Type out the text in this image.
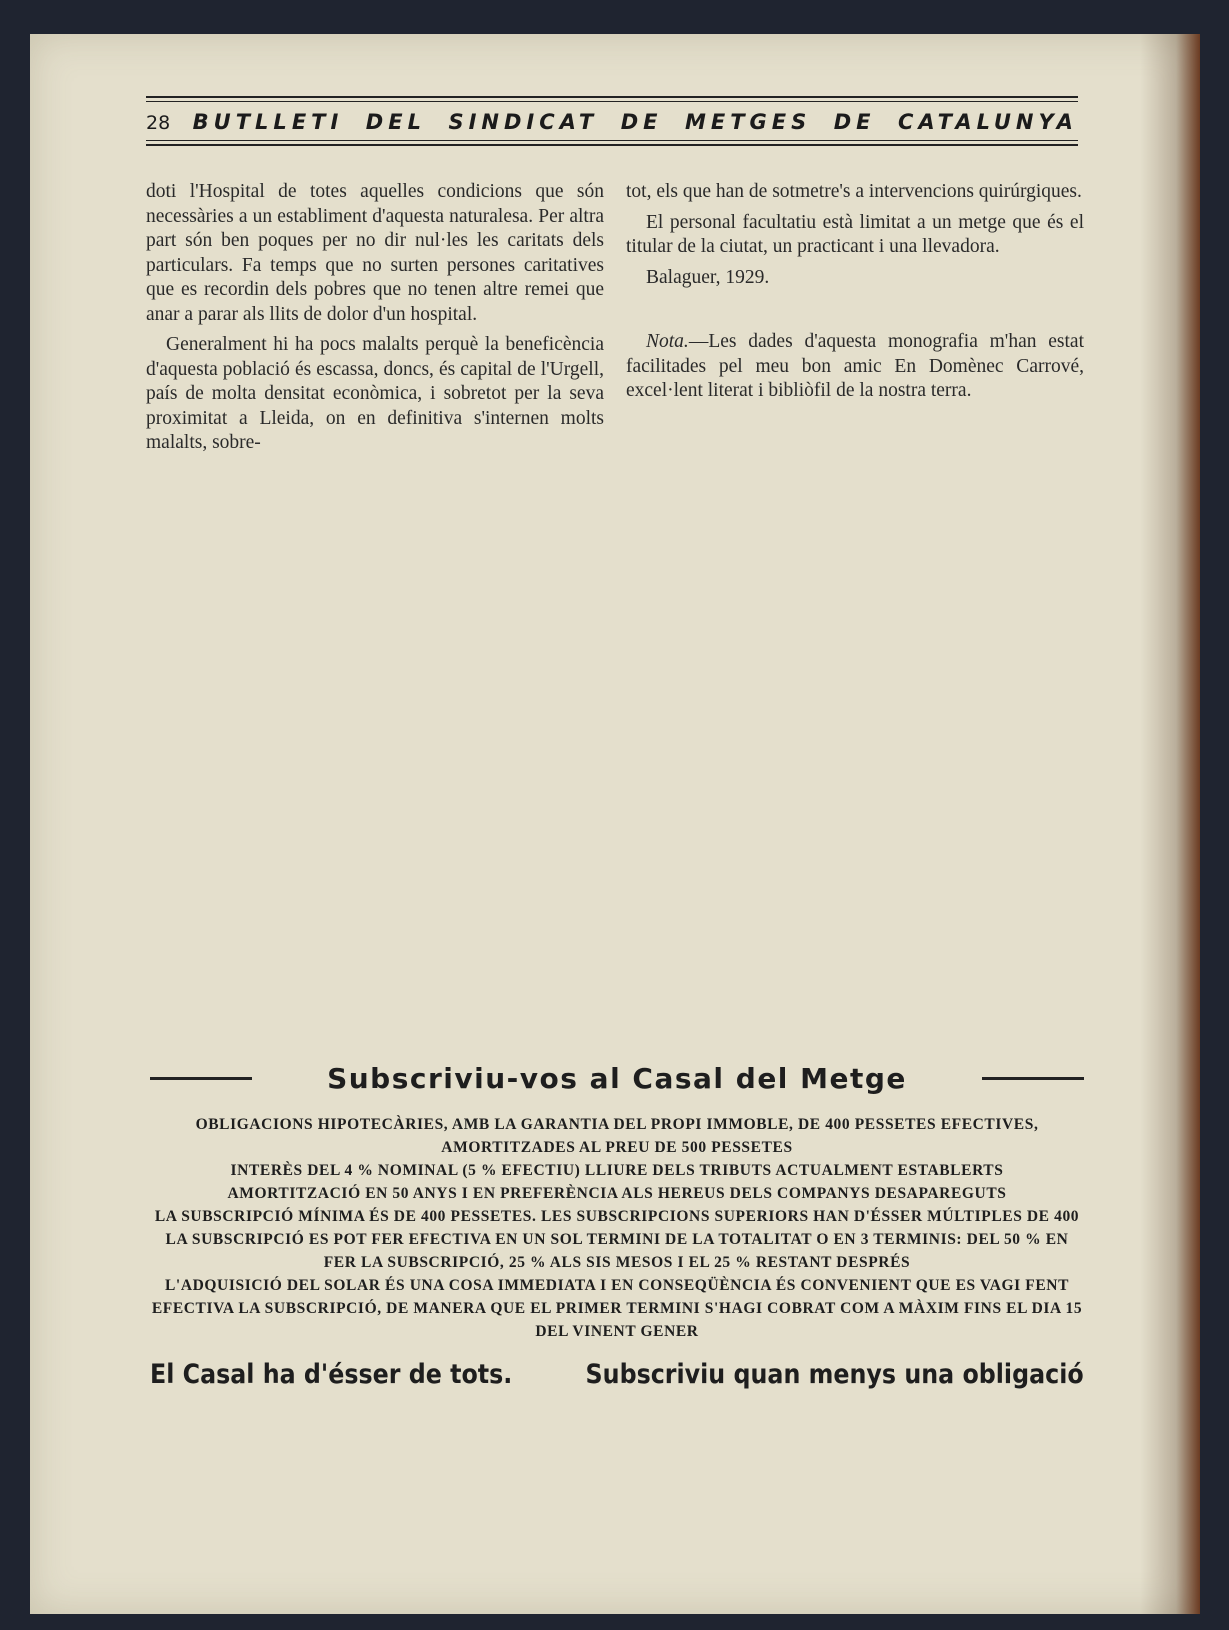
28 BUTLLETI DEL SINDICAT DE METGES DE CATALUNYA

doti l'Hospital de totes aquelles condicions que són necessàries a un establiment d'aquesta naturalesa. Per altra part són ben poques per no dir nul·les les caritats dels particulars. Fa temps que no surten persones caritatives que es recordin dels pobres que no tenen altre remei que anar a parar als llits de dolor d'un hospital.

Generalment hi ha pocs malalts perquè la beneficència d'aquesta població és escassa, doncs, és capital de l'Urgell, país de molta densitat econòmica, i sobretot per la seva proximitat a Lleida, on en definitiva s'internen molts malalts, sobre-

tot, els que han de sotmetre's a intervencions quirúrgiques.

El personal facultatiu està limitat a un metge que és el titular de la ciutat, un practicant i una llevadora.

Balaguer, 1929.

Nota.—Les dades d'aquesta monografia m'han estat facilitades pel meu bon amic En Domènec Carrové, excel·lent literat i bibliòfil de la nostra terra.

Subscriviu-vos al Casal del Metge
OBLIGACIONS HIPOTECÀRIES, AMB LA GARANTIA DEL PROPI IMMOBLE, DE 400 PESSETES EFECTIVES, AMORTITZADES AL PREU DE 500 PESSETES
INTERÈS DEL 4 % NOMINAL (5 % EFECTIU) LLIURE DELS TRIBUTS ACTUALMENT ESTABLERTS
AMORTITZACIÓ EN 50 ANYS I EN PREFERÈNCIA ALS HEREUS DELS COMPANYS DESAPAREGUTS
LA SUBSCRIPCIÓ MÍNIMA ÉS DE 400 PESSETES. LES SUBSCRIPCIONS SUPERIORS HAN D'ÉSSER MÚLTIPLES DE 400
LA SUBSCRIPCIÓ ES POT FER EFECTIVA EN UN SOL TERMINI DE LA TOTALITAT O EN 3 TERMINIS: DEL 50 % EN FER LA SUBSCRIPCIÓ, 25 % ALS SIS MESOS I EL 25 % RESTANT DESPRÉS
L'ADQUISICIÓ DEL SOLAR ÉS UNA COSA IMMEDIATA I EN CONSEQÜÈNCIA ÉS CONVENIENT QUE ES VAGI FENT EFECTIVA LA SUBSCRIPCIÓ, DE MANERA QUE EL PRIMER TERMINI S'HAGI COBRAT COM A MÀXIM FINS EL DIA 15 DEL VINENT GENER
El Casal ha d'ésser de tots.	Subscriviu quan menys una obligació
